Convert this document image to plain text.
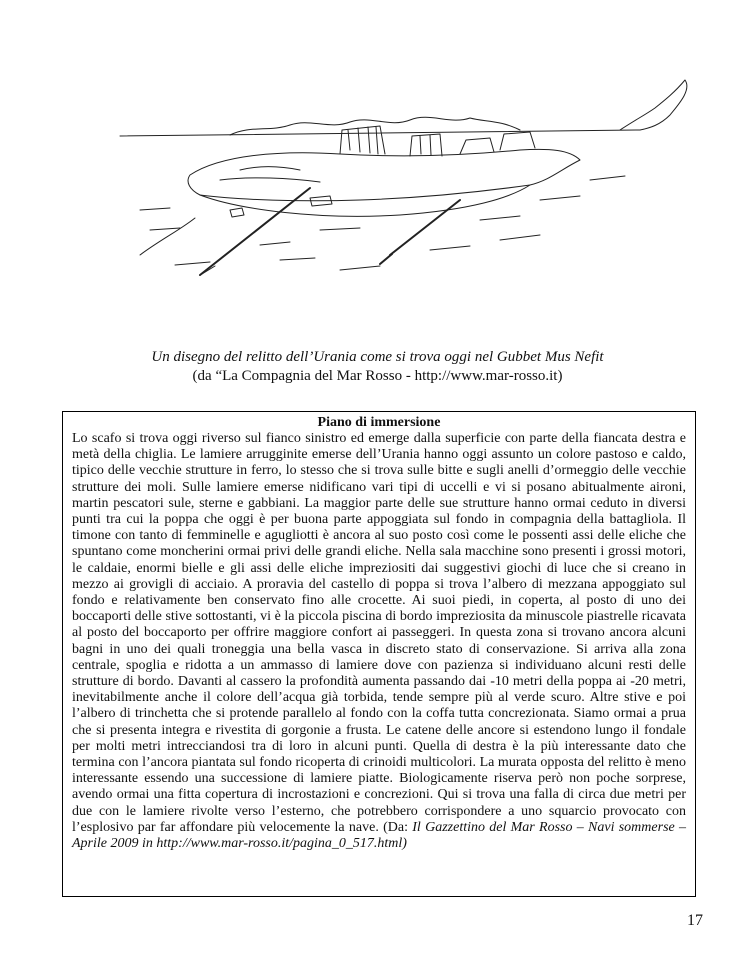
Un disegno del relitto dell’Urania come si trova oggi nel Gubbet Mus Nefit
(da “La Compagnia del Mar Rosso - http://www.mar-rosso.it)
Piano di immersione

Lo scafo si trova oggi riverso sul fianco sinistro ed emerge dalla superficie con parte della fiancata destra e metà della chiglia. Le lamiere arrugginite emerse dell’Urania hanno oggi assunto un colore pastoso e caldo, tipico delle vecchie strutture in ferro, lo stesso che si trova sulle bitte e sugli anelli d’ormeggio delle vecchie strutture dei moli. Sulle lamiere emerse nidificano vari tipi di uccelli e vi si posano abitualmente aironi, martin pescatori sule, sterne e gabbiani. La maggior parte delle sue strutture hanno ormai ceduto in diversi punti tra cui la poppa che oggi è per buona parte appoggiata sul fondo in compagnia della battagliola. Il timone con tanto di femminelle e agugliotti è ancora al suo posto così come le possenti assi delle eliche che spuntano come moncherini ormai privi delle grandi eliche. Nella sala macchine sono presenti i grossi motori, le caldaie, enormi bielle e gli assi delle eliche impreziositi dai suggestivi giochi di luce che si creano in mezzo ai grovigli di acciaio. A proravia del castello di poppa si trova l’albero di mezzana appoggiato sul fondo e relativamente ben conservato fino alle crocette. Ai suoi piedi, in coperta, al posto di uno dei boccaporti delle stive sottostanti, vi è la piccola piscina di bordo impreziosita da minuscole piastrelle ricavata al posto del boccaporto per offrire maggiore confort ai passeggeri. In questa zona si trovano ancora alcuni bagni in uno dei quali troneggia una bella vasca in discreto stato di conservazione. Si arriva alla zona centrale, spoglia e ridotta a un ammasso di lamiere dove con pazienza si individuano alcuni resti delle strutture di bordo. Davanti al cassero la profondità aumenta passando dai -10 metri della poppa ai -20 metri, inevitabilmente anche il colore dell’acqua già torbida, tende sempre più al verde scuro. Altre stive e poi l’albero di trinchetta che si protende parallelo al fondo con la coffa tutta concrezionata. Siamo ormai a prua che si presenta integra e rivestita di gorgonie a frusta. Le catene delle ancore si estendono lungo il fondale per molti metri intrecciandosi tra di loro in alcuni punti. Quella di destra è la più interessante dato che termina con l’ancora piantata sul fondo ricoperta di crinoidi multicolori. La murata opposta del relitto è meno interessante essendo una successione di lamiere piatte. Biologicamente riserva però non poche sorprese, avendo ormai una fitta copertura di incrostazioni e concrezioni. Qui si trova una falla di circa due metri per due con le lamiere rivolte verso l’esterno, che potrebbero corrispondere a uno squarcio provocato con l’esplosivo par far affondare più velocemente la nave. (Da: Il Gazzettino del Mar Rosso – Navi sommerse – Aprile 2009 in http://www.mar-rosso.it/pagina_0_517.html)

17
